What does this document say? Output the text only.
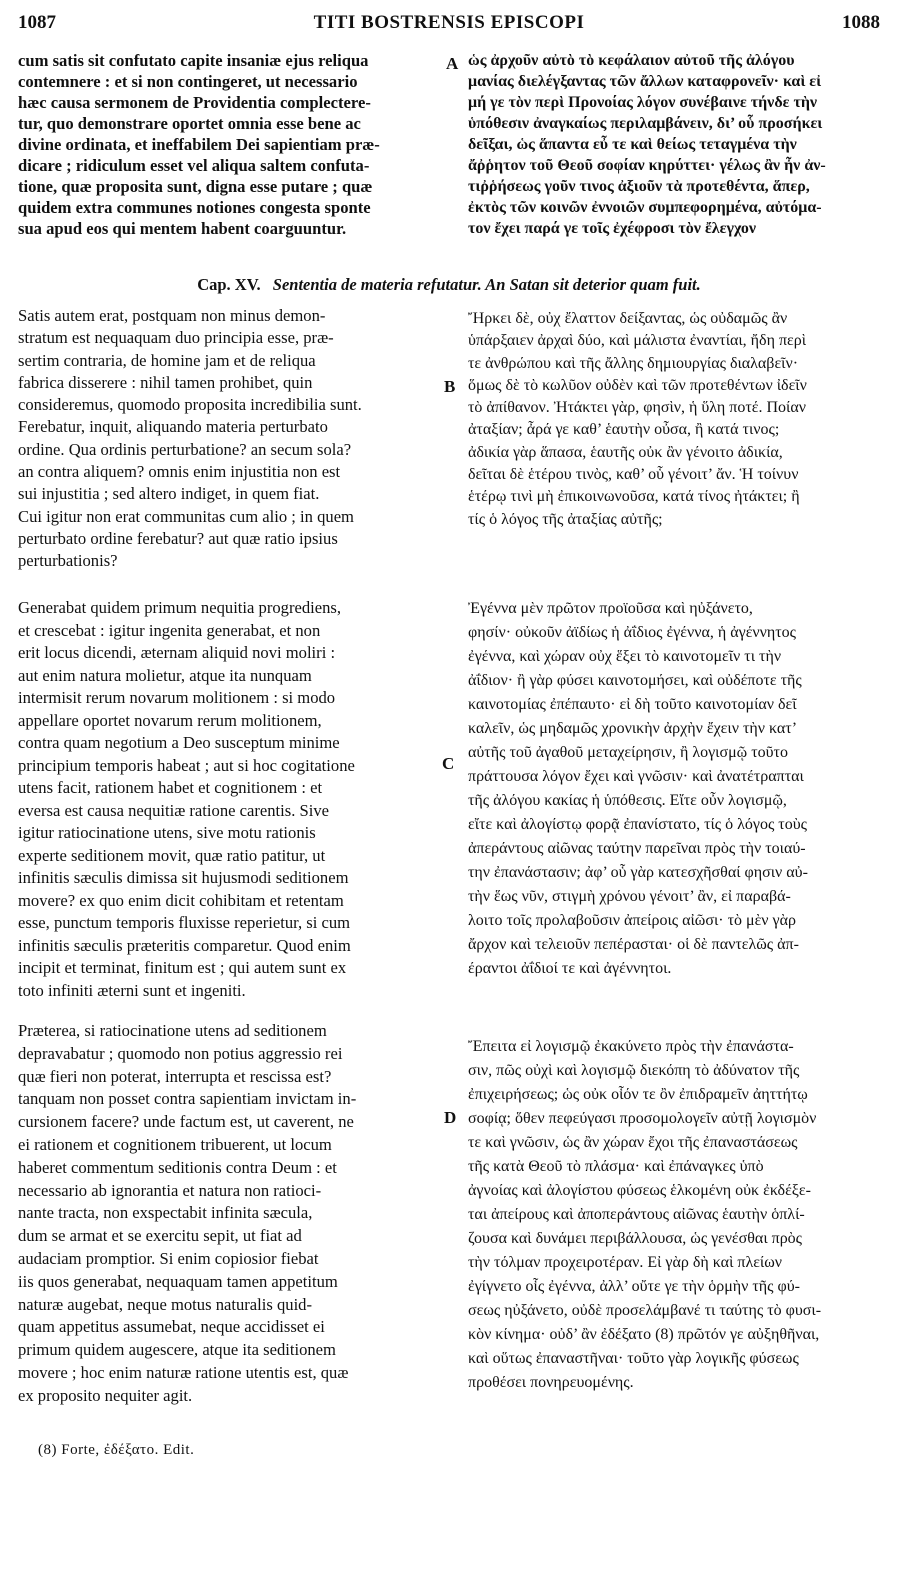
1087	TITI BOSTRENSIS EPISCOPI	1088
cum satis sit confutato capite insaniæ ejus reliqua
contemnere : et si non contingeret, ut necessario
hæc causa sermonem de Providentia complectere-
tur, quo demonstrare oportet omnia esse bene ac
divine ordinata, et ineffabilem Dei sapientiam præ-
dicare ; ridiculum esset vel aliqua saltem confuta-
tione, quæ proposita sunt, digna esse putare ; quæ
quidem extra communes notiones congesta sponte
sua apud eos qui mentem habent coarguuntur.
ὡς ἀρχοῦν αὐτὸ τὸ κεφάλαιον αὐτοῦ τῆς ἀλόγου
μανίας διελέγξαντας τῶν ἄλλων καταφρονεῖν· καὶ εἰ
μή γε τὸν περὶ Προνοίας λόγον συνέβαινε τήνδε τὴν
ὑπόθεσιν ἀναγκαίως περιλαμβάνειν, δι’ οὗ προσήκει
δεῖξαι, ὡς ἅπαντα εὖ τε καὶ θείως τεταγμένα τὴν
ἄῤῥητον τοῦ Θεοῦ σοφίαν κηρύττει· γέλως ἂν ἦν ἀν-
τιῤῥήσεως γοῦν τινος ἀξιοῦν τὰ προτεθέντα, ἅπερ,
ἐκτὸς τῶν κοινῶν ἐννοιῶν συμπεφορημένα, αὐτόμα-
τον ἔχει παρά γε τοῖς ἐχέφροσι τὸν ἔλεγχον
Cap. XV. Sententia de materia refutatur. An Satan sit deterior quam fuit.
Satis autem erat, postquam non minus demon-
stratum est nequaquam duo principia esse, præ-
sertim contraria, de homine jam et de reliqua
fabrica disserere : nihil tamen prohibet, quin
consideremus, quomodo proposita incredibilia sunt.
Ferebatur, inquit, aliquando materia perturbato
ordine. Qua ordinis perturbatione? an secum sola?
an contra aliquem? omnis enim injustitia non est
sui injustitia ; sed altero indiget, in quem fiat.
Cui igitur non erat communitas cum alio ; in quem
perturbato ordine ferebatur? aut quæ ratio ipsius
perturbationis?
Ἤρκει δὲ, οὐχ ἔλαττον δείξαντας, ὡς οὐδαμῶς ἂν
ὑπάρξαιεν ἀρχαὶ δύο, καὶ μάλιστα ἐναντίαι, ἤδη περὶ
τε ἀνθρώπου καὶ τῆς ἄλλης δημιουργίας διαλαβεῖν·
ὅμως δὲ τὸ κωλῦον οὐδὲν καὶ τῶν προτεθέντων ἰδεῖν
τὸ ἀπίθανον. Ἠτάκτει γὰρ, φησὶν, ἡ ὕλη ποτέ. Ποίαν
ἀταξίαν; ἆρά γε καθ’ ἑαυτὴν οὖσα, ἢ κατά τινος;
ἀδικία γὰρ ἅπασα, ἑαυτῆς οὐκ ἂν γένοιτο ἀδικία,
δεῖται δὲ ἑτέρου τινὸς, καθ’ οὗ γένοιτ’ ἄν. Ἡ τοίνυν
ἑτέρῳ τινὶ μὴ ἐπικοινωνοῦσα, κατά τίνος ἠτάκτει; ἢ
τίς ὁ λόγος τῆς ἀταξίας αὐτῆς;
Generabat quidem primum nequitia progrediens,
et crescebat : igitur ingenita generabat, et non
erit locus dicendi, æternam aliquid novi moliri :
aut enim natura molietur, atque ita nunquam
intermisit rerum novarum molitionem : si modo
appellare oportet novarum rerum molitionem,
contra quam negotium a Deo susceptum minime
principium temporis habeat ; aut si hoc cogitatione
utens facit, rationem habet et cognitionem : et
eversa est causa nequitiæ ratione carentis. Sive
igitur ratiocinatione utens, sive motu rationis
experte seditionem movit, quæ ratio patitur, ut
infinitis sæculis dimissa sit hujusmodi seditionem
movere? ex quo enim dicit cohibitam et retentam
esse, punctum temporis fluxisse reperietur, si cum
infinitis sæculis præteritis comparetur. Quod enim
incipit et terminat, finitum est ; qui autem sunt ex
toto infiniti æterni sunt et ingeniti.
Ἐγέννα μὲν πρῶτον προϊοῦσα καὶ ηὐξάνετο,
φησίν· οὐκοῦν ἀϊδίως ἡ ἀΐδιος ἐγέννα, ἡ ἀγέννητος
ἐγέννα, καὶ χώραν οὐχ ἕξει τὸ καινοτομεῖν τι τὴν
ἀΐδιον· ἢ γὰρ φύσει καινοτομήσει, καὶ οὐδέποτε τῆς
καινοτομίας ἐπέπαυτο· εἰ δὴ τοῦτο καινοτομίαν δεῖ
καλεῖν, ὡς μηδαμῶς χρονικὴν ἀρχὴν ἔχειν τὴν κατ’
αὐτῆς τοῦ ἀγαθοῦ μεταχείρησιν, ἢ λογισμῷ τοῦτο
πράττουσα λόγον ἔχει καὶ γνῶσιν· καὶ ἀνατέτραπται
τῆς ἀλόγου κακίας ἡ ὑπόθεσις. Εἴτε οὖν λογισμῷ,
εἴτε καὶ ἀλογίστῳ φορᾷ ἐπανίστατο, τίς ὁ λόγος τοὺς
ἀπεράντους αἰῶνας ταύτην παρεῖναι πρὸς τὴν τοιαύ-
την ἐπανάστασιν; ἀφ’ οὗ γὰρ κατεσχῆσθαί φησιν αὐ-
τὴν ἕως νῦν, στιγμὴ χρόνου γένοιτ’ ἂν, εἰ παραβά-
λοιτο τοῖς προλαβοῦσιν ἀπείροις αἰῶσι· τὸ μὲν γὰρ
ἄρχον καὶ τελειοῦν πεπέρασται· οἱ δὲ παντελῶς ἀπ-
έραντοι ἀΐδιοί τε καὶ ἀγέννητοι.
Præterea, si ratiocinatione utens ad seditionem
depravabatur ; quomodo non potius aggressio rei
quæ fieri non poterat, interrupta et rescissa est?
tanquam non posset contra sapientiam invictam in-
cursionem facere? unde factum est, ut caverent, ne
ei rationem et cognitionem tribuerent, ut locum
haberet commentum seditionis contra Deum : et
necessario ab ignorantia et natura non ratioci-
nante tracta, non exspectabit infinita sæcula,
dum se armat et se exercitu sepit, ut fiat ad
audaciam promptior. Si enim copiosior fiebat
iis quos generabat, nequaquam tamen appetitum
naturæ augebat, neque motus naturalis quid-
quam appetitus assumebat, neque accidisset ei
primum quidem augescere, atque ita seditionem
movere ; hoc enim naturæ ratione utentis est, quæ
ex proposito nequiter agit.
Ἔπειτα εἰ λογισμῷ ἐκακύνετο πρὸς τὴν ἐπανάστα-
σιν, πῶς οὐχὶ καὶ λογισμῷ διεκόπη τὸ ἀδύνατον τῆς
ἐπιχειρήσεως; ὡς οὐκ οἷόν τε ὂν ἐπιδραμεῖν ἀηττήτῳ
σοφίᾳ; ὅθεν πεφεύγασι προσομολογεῖν αὐτῇ λογισμὸν
τε καὶ γνῶσιν, ὡς ἂν χώραν ἔχοι τῆς ἐπαναστάσεως
τῆς κατὰ Θεοῦ τὸ πλάσμα· καὶ ἐπάναγκες ὑπὸ
ἀγνοίας καὶ ἀλογίστου φύσεως ἑλκομένη οὐκ ἐκδέξε-
ται ἀπείρους καὶ ἀποπεράντους αἰῶνας ἑαυτὴν ὁπλί-
ζουσα καὶ δυνάμει περιβάλλουσα, ὡς γενέσθαι πρὸς
τὴν τόλμαν προχειροτέραν. Εἰ γὰρ δὴ καὶ πλείων
ἐγίγνετο οἷς ἐγέννα, ἀλλ’ οὔτε γε τὴν ὁρμὴν τῆς φύ-
σεως ηὐξάνετο, οὐδὲ προσελάμβανέ τι ταύτης τὸ φυσι-
κὸν κίνημα· οὐδ’ ἂν ἐδέξατο (8) πρῶτόν γε αὐξηθῆναι,
καὶ οὕτως ἐπαναστῆναι· τοῦτο γὰρ λογικῆς φύσεως
προθέσει πονηρευομένης.
(8) Forte, ἐδέξατο. Edit.
A
B
C
D
